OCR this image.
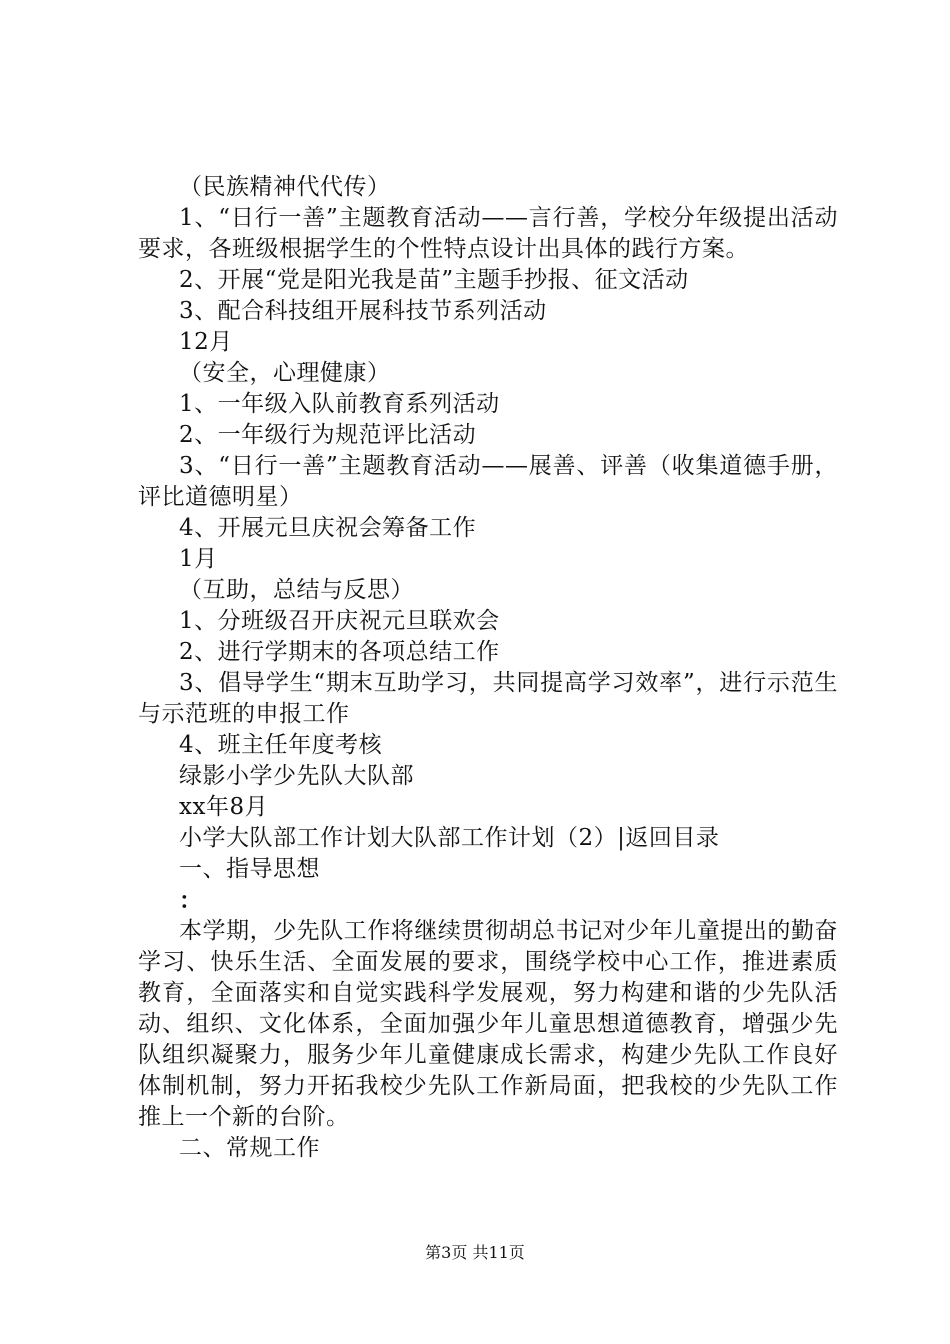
（民族精神代代传）
1、“日行一善”主题教育活动——言行善，学校分年级提出活动要求，各班级根据学生的个性特点设计出具体的践行方案。
2、开展“党是阳光我是苗”主题手抄报、征文活动
3、配合科技组开展科技节系列活动
12月
（安全，心理健康）
1、一年级入队前教育系列活动
2、一年级行为规范评比活动
3、“日行一善”主题教育活动——展善、评善（收集道德手册，评比道德明星）
4、开展元旦庆祝会筹备工作
1月
（互助，总结与反思）
1、分班级召开庆祝元旦联欢会
2、进行学期末的各项总结工作
3、倡导学生“期末互助学习，共同提高学习效率”，进行示范生与示范班的申报工作
4、班主任年度考核
绿影小学少先队大队部
xx年8月
小学大队部工作计划大队部工作计划（2）|返回目录
一、指导思想
：
本学期，少先队工作将继续贯彻胡总书记对少年儿童提出的勤奋学习、快乐生活、全面发展的要求，围绕学校中心工作，推进素质教育，全面落实和自觉实践科学发展观，努力构建和谐的少先队活动、组织、文化体系，全面加强少年儿童思想道德教育，增强少先队组织凝聚力，服务少年儿童健康成长需求，构建少先队工作良好体制机制，努力开拓我校少先队工作新局面，把我校的少先队工作推上一个新的台阶。
二、常规工作
第3页 共11页
